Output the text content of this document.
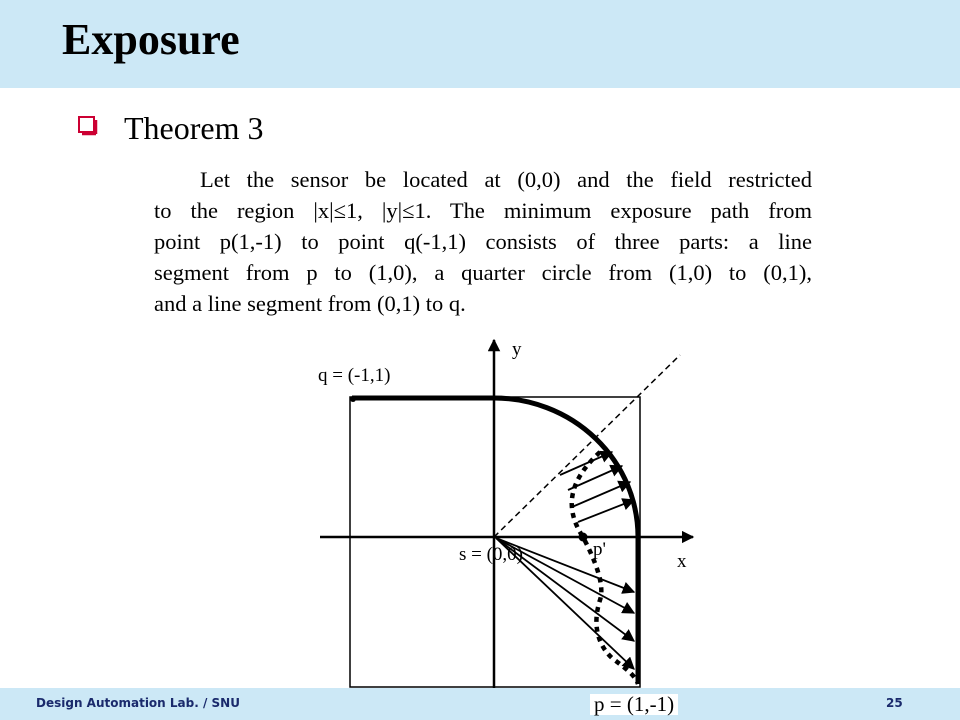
Exposure
Theorem 3
Let the sensor be located at (0,0) and the field restricted
to the region |x|≤1, |y|≤1. The minimum exposure path from
point p(1,-1) to point q(-1,1) consists of three parts: a line
segment from p to (1,0), a quarter circle from (1,0) to (0,1),
and a line segment from (0,1) to q.
y
q = (-1,1)
s = (0,0)	p'
x
Design Automation Lab. / SNU	25
p = (1,-1)
